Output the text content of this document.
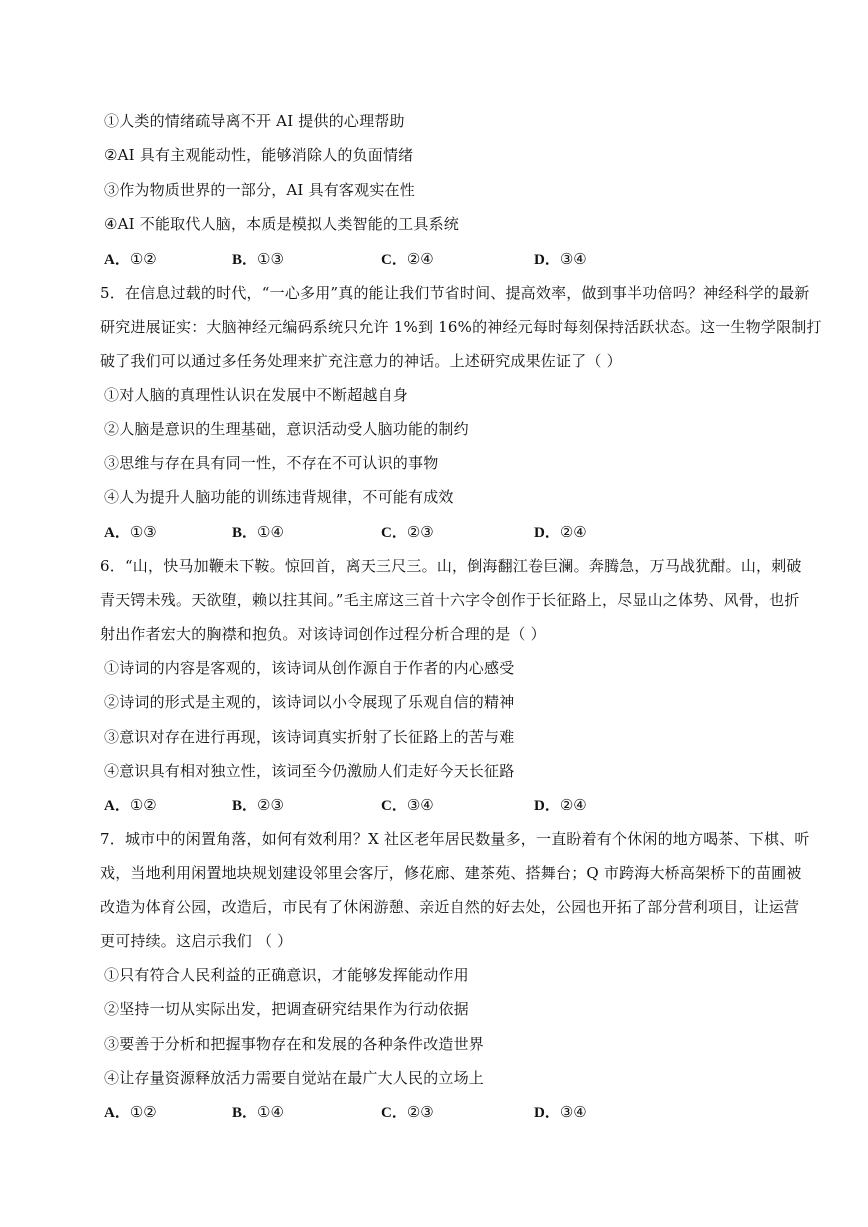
①人类的情绪疏导离不开 AI 提供的心理帮助
②AI 具有主观能动性，能够消除人的负面情绪
③作为物质世界的一部分，AI 具有客观实在性
④AI 不能取代人脑，本质是模拟人类智能的工具系统
A．①②	B．①③	C．②④	D．③④
5．在信息过载的时代，“一心多用”真的能让我们节省时间、提高效率，做到事半功倍吗？神经科学的最新
研究进展证实：大脑神经元编码系统只允许 1%到 16%的神经元每时每刻保持活跃状态。这一生物学限制打
破了我们可以通过多任务处理来扩充注意力的神话。上述研究成果佐证了（ ）
①对人脑的真理性认识在发展中不断超越自身
②人脑是意识的生理基础，意识活动受人脑功能的制约
③思维与存在具有同一性，不存在不可认识的事物
④人为提升人脑功能的训练违背规律，不可能有成效
A．①③	B．①④	C．②③	D．②④
6．“山，快马加鞭未下鞍。惊回首，离天三尺三。山，倒海翻江卷巨澜。奔腾急，万马战犹酣。山，刺破
青天锷未残。天欲堕，赖以拄其间。”毛主席这三首十六字令创作于长征路上，尽显山之体势、风骨，也折
射出作者宏大的胸襟和抱负。对该诗词创作过程分析合理的是（ ）
①诗词的内容是客观的，该诗词从创作源自于作者的内心感受
②诗词的形式是主观的，该诗词以小令展现了乐观自信的精神
③意识对存在进行再现，该诗词真实折射了长征路上的苦与难
④意识具有相对独立性，该词至今仍激励人们走好今天长征路
A．①②	B．②③	C．③④	D．②④
7．城市中的闲置角落，如何有效利用？X 社区老年居民数量多，一直盼着有个休闲的地方喝茶、下棋、听
戏，当地利用闲置地块规划建设邻里会客厅，修花廊、建茶苑、搭舞台；Q 市跨海大桥高架桥下的苗圃被
改造为体育公园，改造后，市民有了休闲游憩、亲近自然的好去处，公园也开拓了部分营利项目，让运营
更可持续。这启示我们 （ ）
①只有符合人民利益的正确意识，才能够发挥能动作用
②坚持一切从实际出发，把调查研究结果作为行动依据
③要善于分析和把握事物存在和发展的各种条件改造世界
④让存量资源释放活力需要自觉站在最广大人民的立场上
A．①②	B．①④	C．②③	D．③④
